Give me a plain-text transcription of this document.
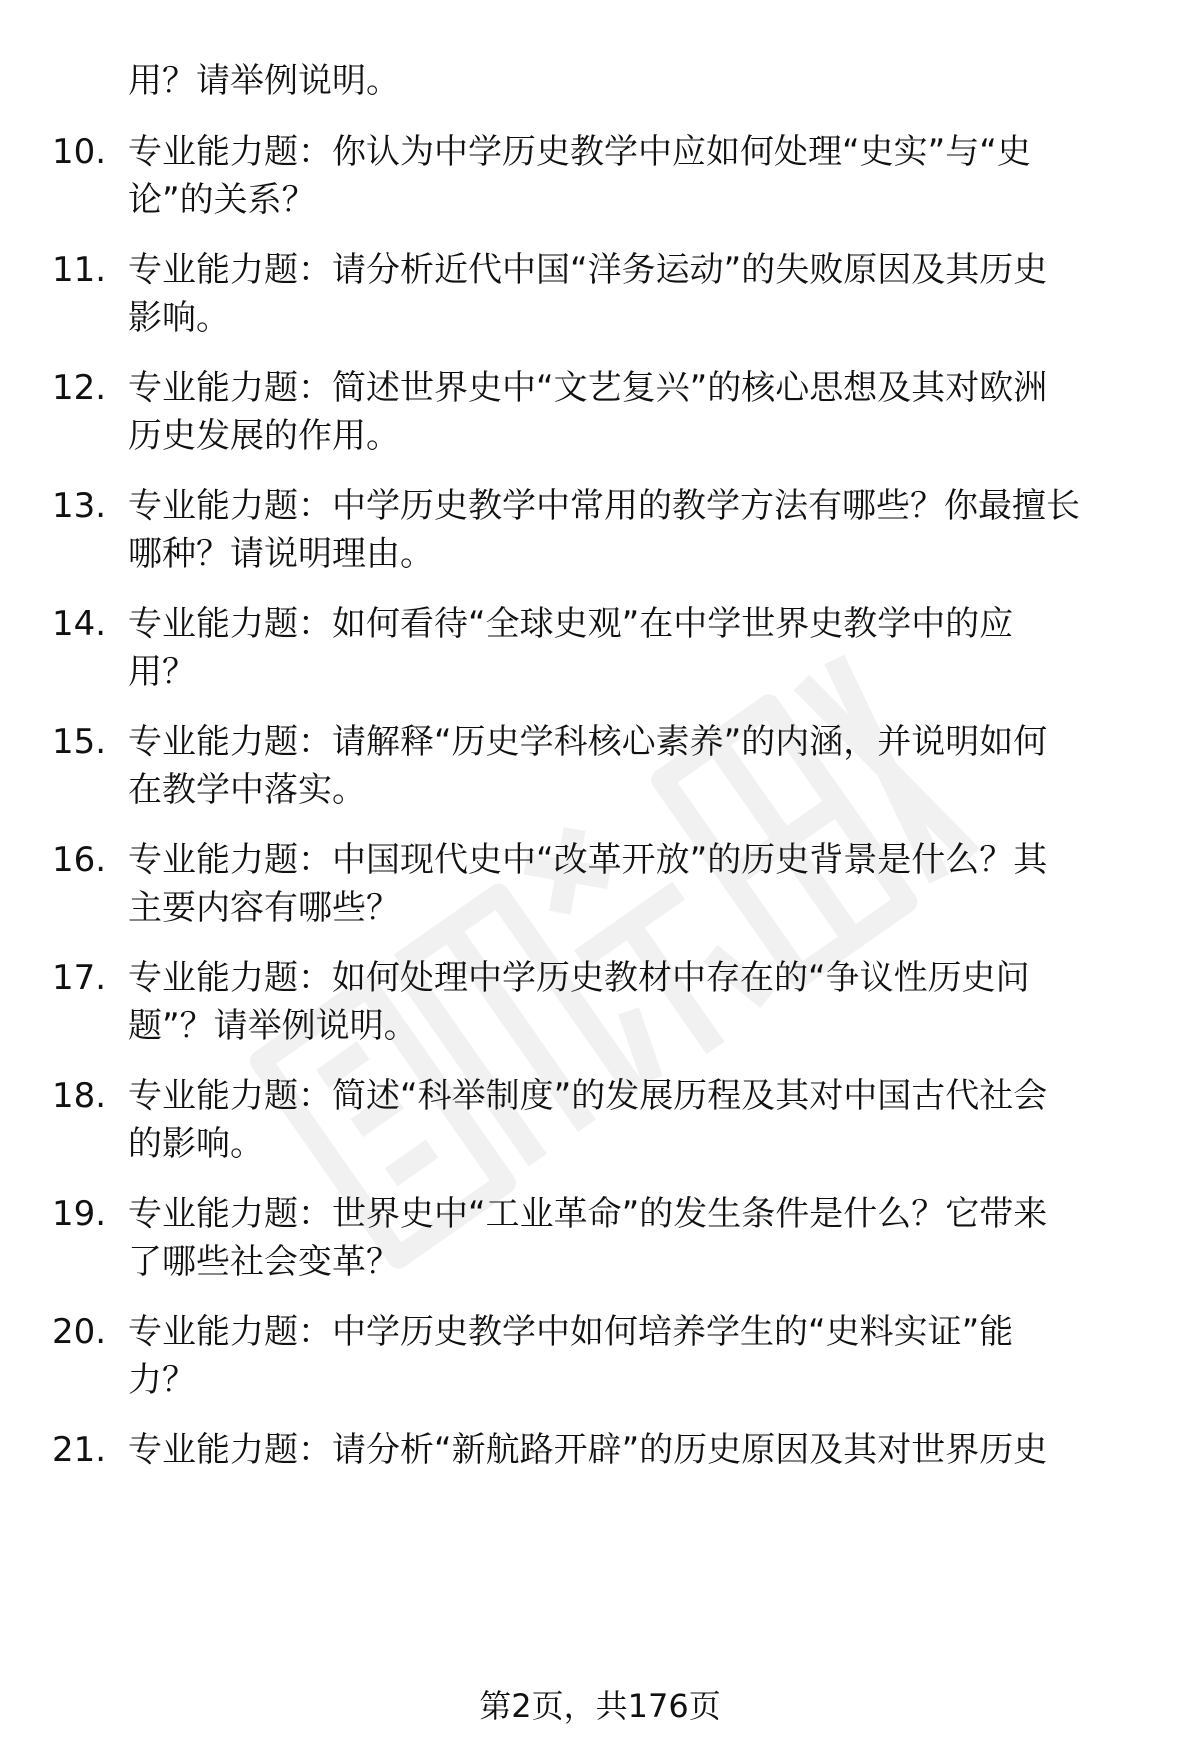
用？请举例说明。
10. 专业能力题：你认为中学历史教学中应如何处理“史实”与“史
论”的关系？
11. 专业能力题：请分析近代中国“洋务运动”的失败原因及其历史
影响。
12. 专业能力题：简述世界史中“文艺复兴”的核心思想及其对欧洲
历史发展的作用。
13. 专业能力题：中学历史教学中常用的教学方法有哪些？你最擅长
哪种？请说明理由。
14. 专业能力题：如何看待“全球史观”在中学世界史教学中的应
用？
15. 专业能力题：请解释“历史学科核心素养”的内涵，并说明如何
在教学中落实。
16. 专业能力题：中国现代史中“改革开放”的历史背景是什么？其
主要内容有哪些？
17. 专业能力题：如何处理中学历史教材中存在的“争议性历史问
题”？请举例说明。
18. 专业能力题：简述“科举制度”的发展历程及其对中国古代社会
的影响。
19. 专业能力题：世界史中“工业革命”的发生条件是什么？它带来
了哪些社会变革？
20. 专业能力题：中学历史教学中如何培养学生的“史料实证”能
力？
21. 专业能力题：请分析“新航路开辟”的历史原因及其对世界历史
第2页，共176页
